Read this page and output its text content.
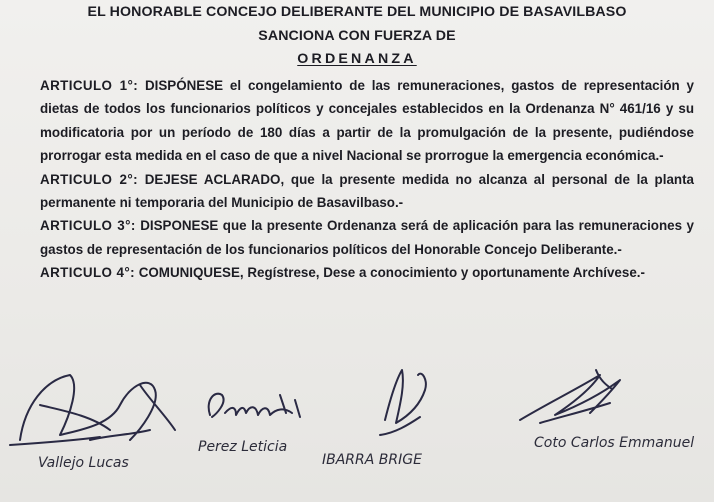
EL HONORABLE CONCEJO DELIBERANTE DEL MUNICIPIO DE BASAVILBASO
SANCIONA CON FUERZA DE
ORDENANZA

ARTICULO 1°: DISPÓNESE el congelamiento de las remuneraciones, gastos de representación y dietas de todos los funcionarios políticos y concejales establecidos en la Ordenanza N° 461/16 y su modificatoria por un período de 180 días a partir de la promulgación de la presente, pudiéndose prorrogar esta medida en el caso de que a nivel Nacional se prorrogue la emergencia económica.-

ARTICULO 2°: DEJESE ACLARADO, que la presente medida no alcanza al personal de la planta permanente ni temporaria del Municipio de Basavilbaso.-

ARTICULO 3°: DISPONESE que la presente Ordenanza será de aplicación para las remuneraciones y gastos de representación de los funcionarios políticos del Honorable Concejo Deliberante.-

ARTICULO 4°: COMUNIQUESE, Regístrese, Dese a conocimiento y oportunamente Archívese.-

Vallejo Lucas
Perez Leticia
IBARRA BRIGE
Coto Carlos Emmanuel
